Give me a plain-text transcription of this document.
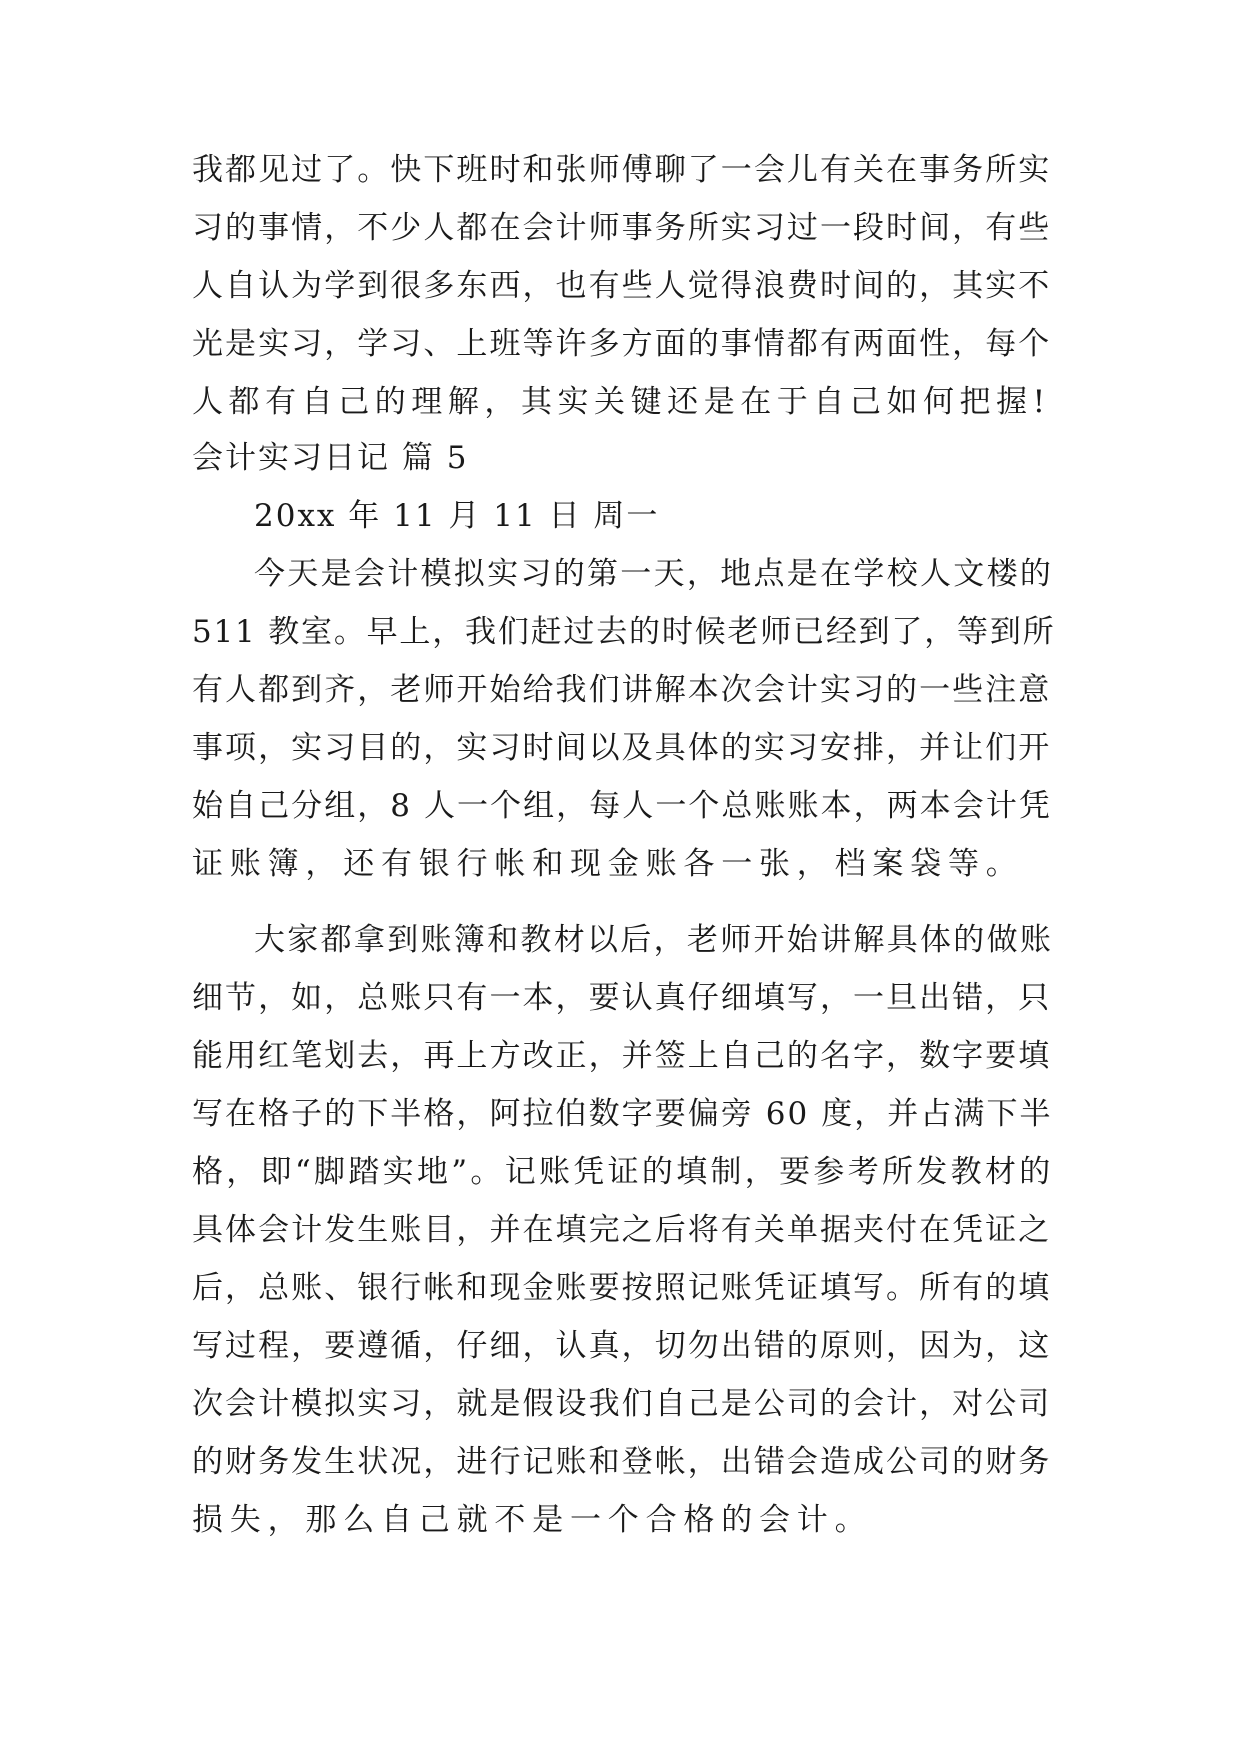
我都见过了。快下班时和张师傅聊了一会儿有关在事务所实
习的事情，不少人都在会计师事务所实习过一段时间，有些
人自认为学到很多东西，也有些人觉得浪费时间的，其实不
光是实习，学习、上班等许多方面的事情都有两面性，每个
人都有自己的理解，其实关键还是在于自己如何把握!
会计实习日记 篇 5
20xx 年 11 月 11 日 周一
今天是会计模拟实习的第一天，地点是在学校人文楼的
511 教室。早上，我们赶过去的时候老师已经到了，等到所
有人都到齐，老师开始给我们讲解本次会计实习的一些注意
事项，实习目的，实习时间以及具体的实习安排，并让们开
始自己分组，8 人一个组，每人一个总账账本，两本会计凭
证账簿，还有银行帐和现金账各一张，档案袋等。
大家都拿到账簿和教材以后，老师开始讲解具体的做账
细节，如，总账只有一本，要认真仔细填写，一旦出错，只
能用红笔划去，再上方改正，并签上自己的名字，数字要填
写在格子的下半格，阿拉伯数字要偏旁 60 度，并占满下半
格，即“脚踏实地”。记账凭证的填制，要参考所发教材的
具体会计发生账目，并在填完之后将有关单据夹付在凭证之
后，总账、银行帐和现金账要按照记账凭证填写。所有的填
写过程，要遵循，仔细，认真，切勿出错的原则，因为，这
次会计模拟实习，就是假设我们自己是公司的会计，对公司
的财务发生状况，进行记账和登帐，出错会造成公司的财务
损失，那么自己就不是一个合格的会计。
